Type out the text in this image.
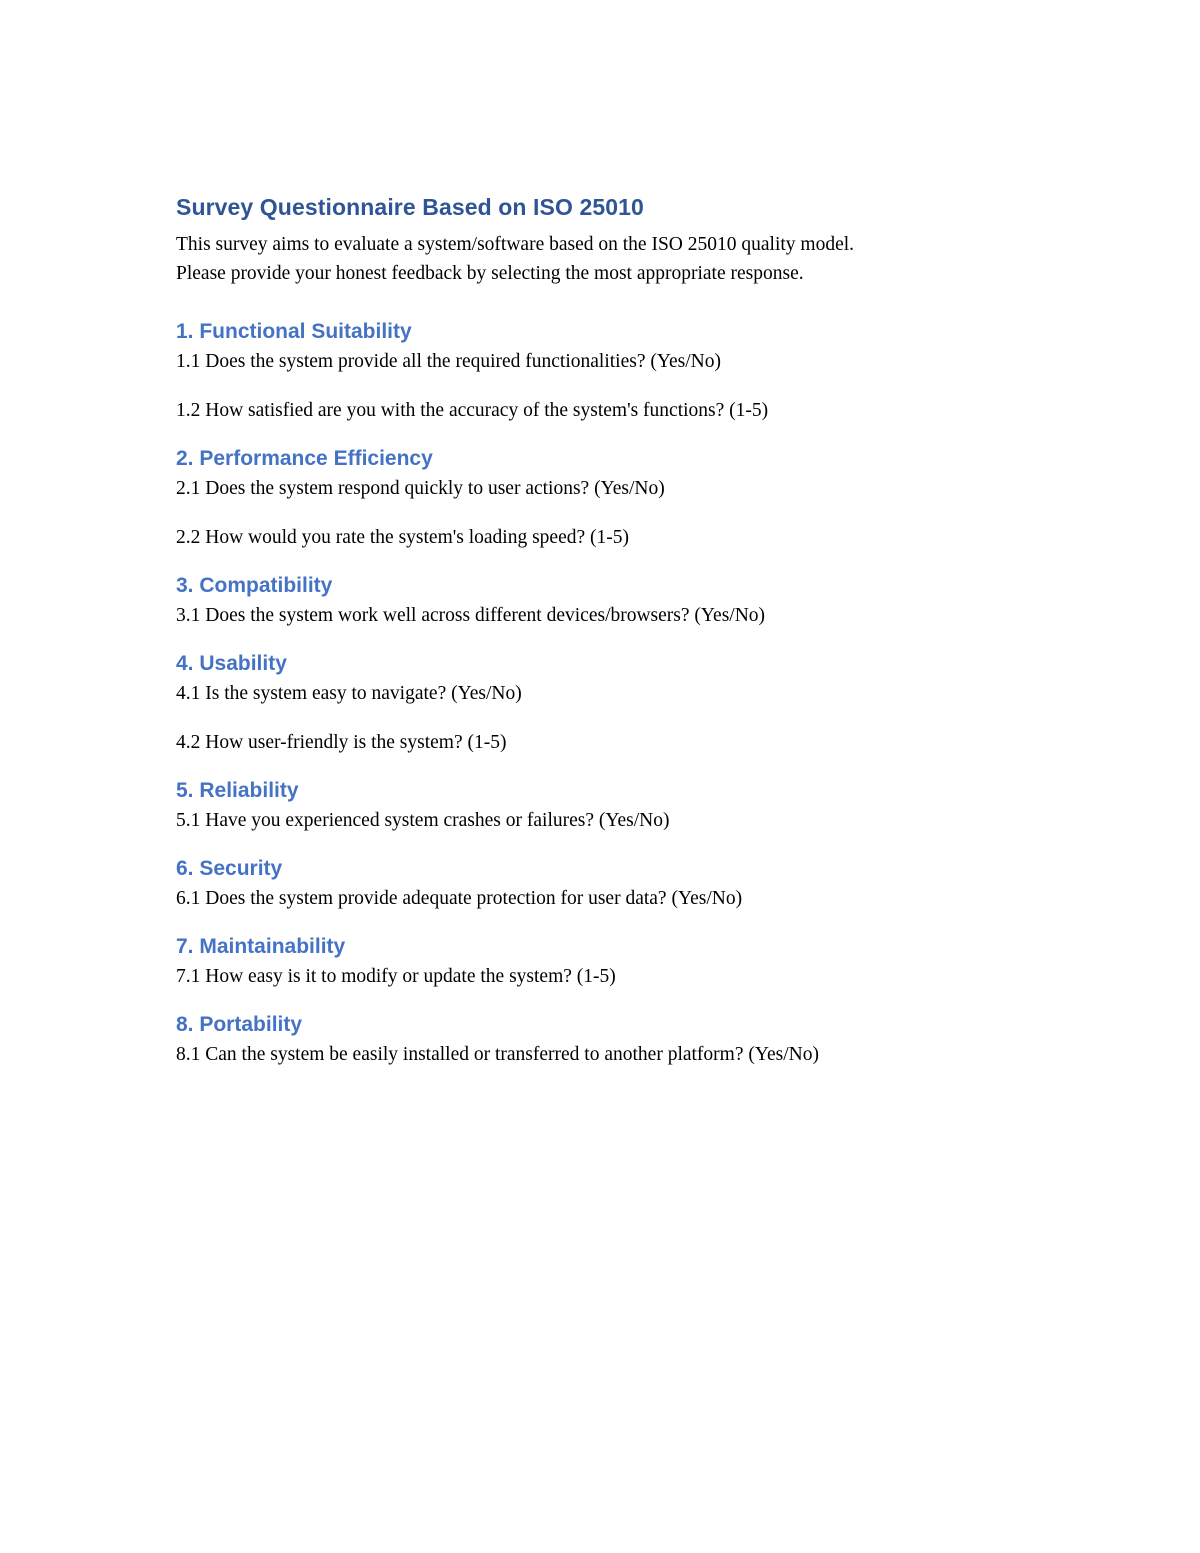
Survey Questionnaire Based on ISO 25010

This survey aims to evaluate a system/software based on the ISO 25010 quality model.

Please provide your honest feedback by selecting the most appropriate response.

1. Functional Suitability

1.1 Does the system provide all the required functionalities? (Yes/No)

1.2 How satisfied are you with the accuracy of the system's functions? (1-5)

2. Performance Efficiency

2.1 Does the system respond quickly to user actions? (Yes/No)

2.2 How would you rate the system's loading speed? (1-5)

3. Compatibility

3.1 Does the system work well across different devices/browsers? (Yes/No)

4. Usability

4.1 Is the system easy to navigate? (Yes/No)

4.2 How user-friendly is the system? (1-5)

5. Reliability

5.1 Have you experienced system crashes or failures? (Yes/No)

6. Security

6.1 Does the system provide adequate protection for user data? (Yes/No)

7. Maintainability

7.1 How easy is it to modify or update the system? (1-5)

8. Portability

8.1 Can the system be easily installed or transferred to another platform? (Yes/No)
